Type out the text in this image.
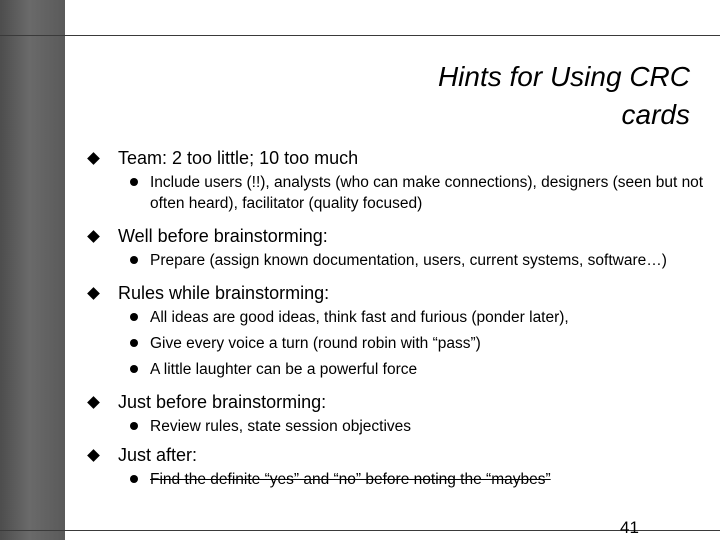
Hints for Using CRC
cards
Team: 2 too little; 10 too much
Include users (!!), analysts (who can make connections), designers (seen but not often heard), facilitator (quality focused)
Well before brainstorming:
Prepare (assign known documentation, users, current systems, software…)
Rules while brainstorming:
All ideas are good ideas, think fast and furious (ponder later),
Give every voice a turn (round robin with “pass”)
A little laughter can be a powerful force
Just before brainstorming:
Review rules, state session objectives
Just after:
Find the definite “yes” and “no” before noting the “maybes”
41
